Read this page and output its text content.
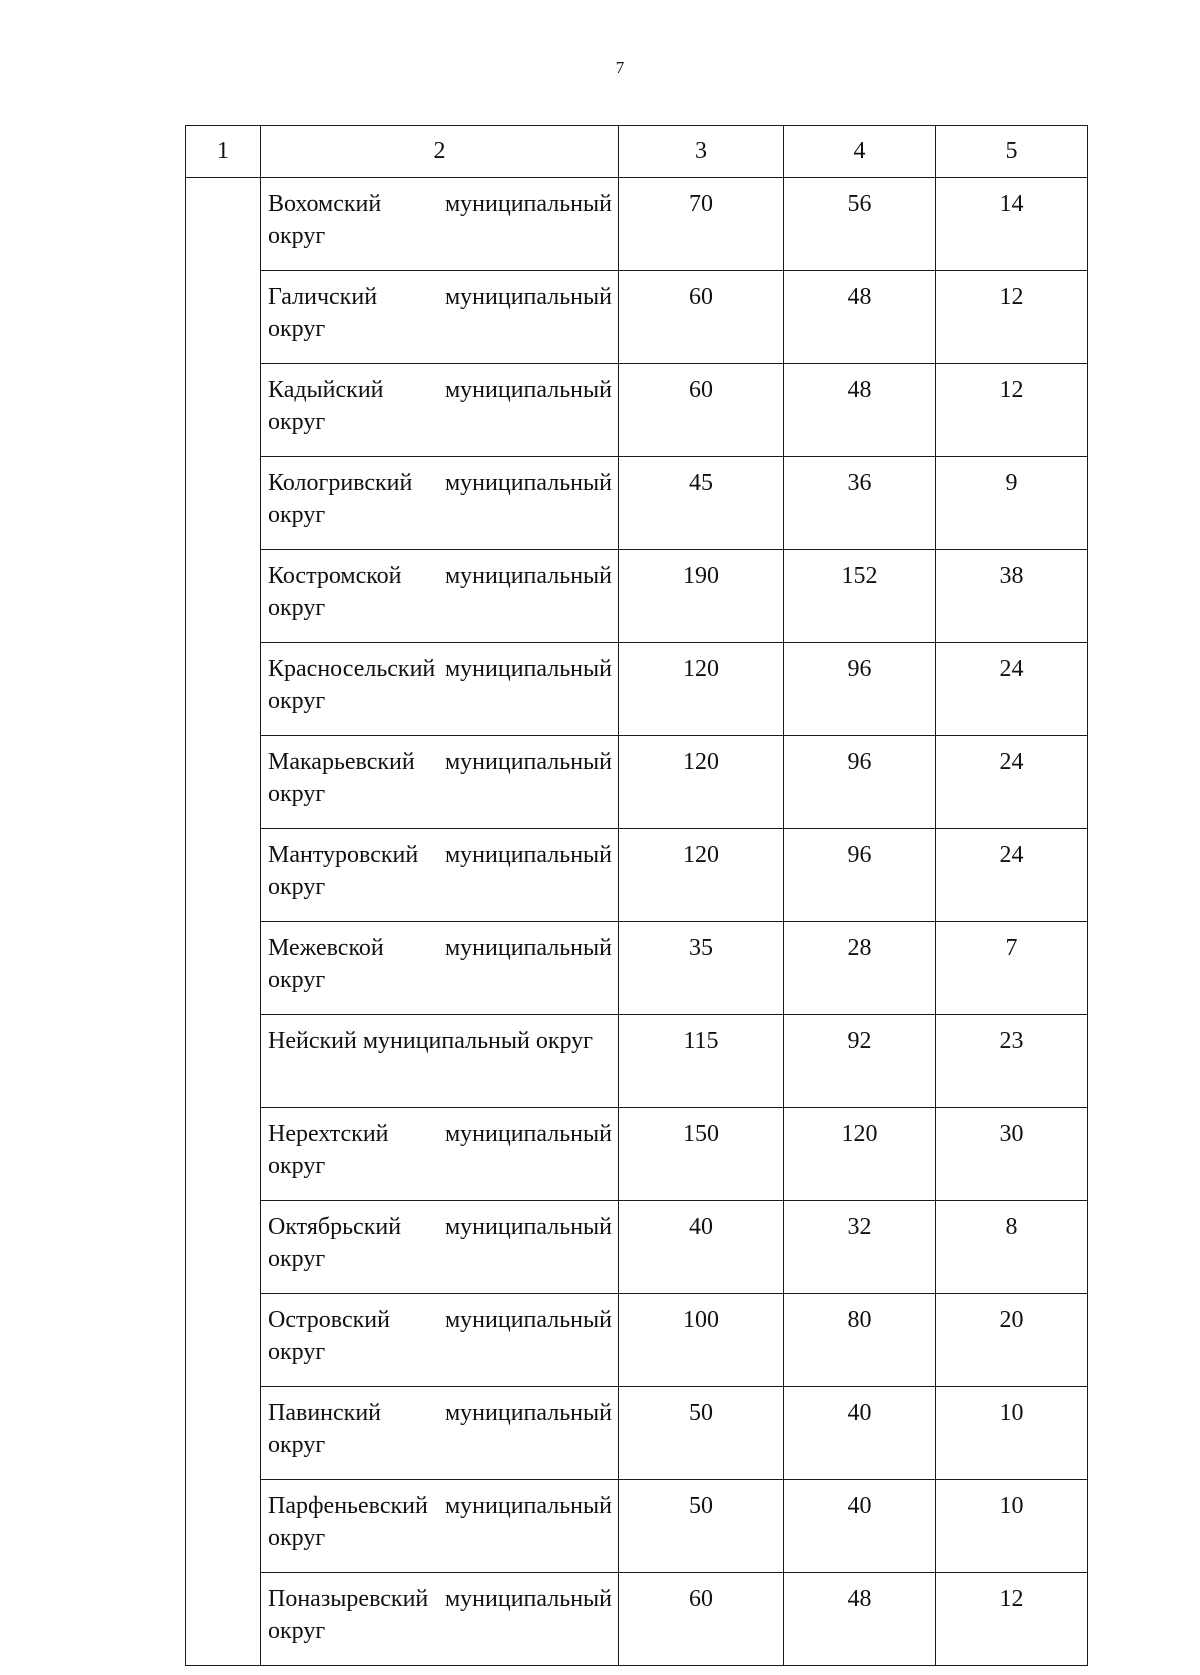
7
1	2	3	4	5
	Вохомский муниципальный округ	70	56	14
	Галичский муниципальный округ	60	48	12
	Кадыйский муниципальный округ	60	48	12
	Кологривский муниципальный округ	45	36	9
	Костромской муниципальный округ	190	152	38
	Красносельский муниципальный округ	120	96	24
	Макарьевский муниципальный округ	120	96	24
	Мантуровский муниципальный округ	120	96	24
	Межевской муниципальный округ	35	28	7
	Нейский муниципальный округ	115	92	23
	Нерехтский муниципальный округ	150	120	30
	Октябрьский муниципальный округ	40	32	8
	Островский муниципальный округ	100	80	20
	Павинский муниципальный округ	50	40	10
	Парфеньевский муниципальный округ	50	40	10
	Поназыревский муниципальный округ	60	48	12
